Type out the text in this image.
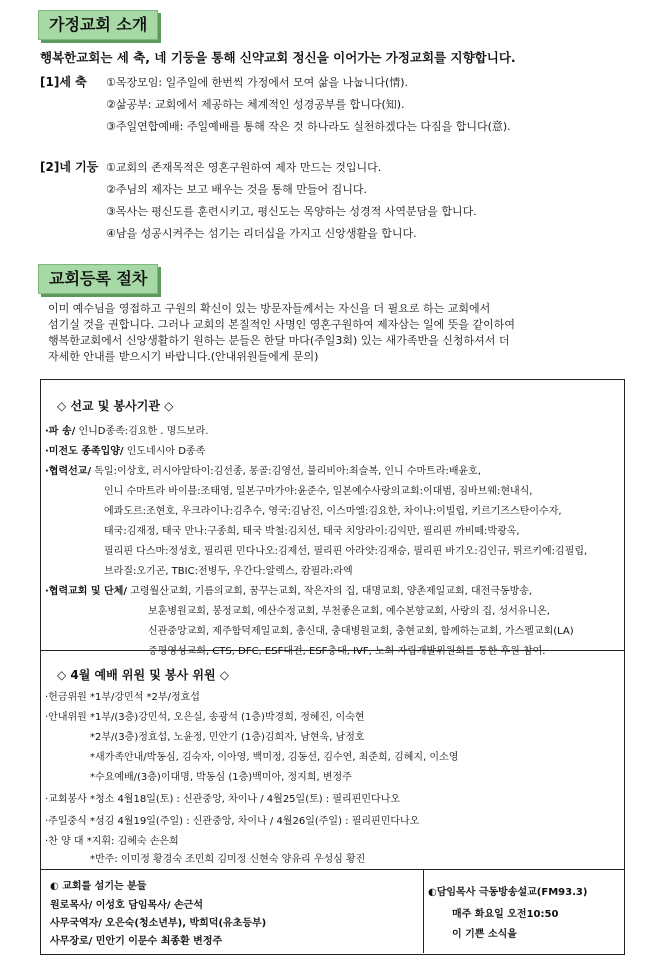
가정교회 소개
행복한교회는 세 축, 네 기둥을 통해 신약교회 정신을 이어가는 가정교회를 지향합니다.
[1]세 축 ①목장모임: 일주일에 한번씩 가정에서 모여 삶을 나눕니다(情).
②삶공부: 교회에서 제공하는 체계적인 성경공부를 합니다(知).
③주일연합예배: 주일예배를 통해 작은 것 하나라도 실천하겠다는 다짐을 합니다(意).
[2]네 기둥 ①교회의 존재목적은 영혼구원하여 제자 만드는 것입니다.
②주님의 제자는 보고 배우는 것을 통해 만들어 집니다.
③목사는 평신도를 훈련시키고, 평신도는 목양하는 성경적 사역분담을 합니다.
④남을 성공시켜주는 섬기는 리더십을 가지고 신앙생활을 합니다.
교회등록 절차
이미 예수님을 영접하고 구원의 확신이 있는 방문자들께서는 자신을 더 필요로 하는 교회에서
섬기실 것을 권합니다. 그러나 교회의 본질적인 사명인 영혼구원하여 제자삼는 일에 뜻을 같이하여
행복한교회에서 신앙생활하기 원하는 분들은 한달 마다(주일3회) 있는 새가족반을 신청하셔서 더
자세한 안내를 받으시기 바랍니다.(안내위원들에게 문의)
◇ 선교 및 봉사기관 ◇
·파 송/ 인니D종족:김요한 . 명드보라.
·미전도 종족입양/ 인도네시아 D종족
·협력선교/ 독일:이상호, 러시아알타이:김선종, 몽골:김영선, 불리비아:최슬복, 인니 수마트라:배윤호,
인니 수마트라 바이블:조태영, 일본구마가야:윤준수, 일본예수사랑의교회:이대범, 짐바브웨:현내식,
에콰도르:조현호, 우크라이나:김추수, 영국:김남진, 이스마엘:김요한, 차이나:이빌립, 키르기즈스탄이수자,
태국:김재정, 태국 만나:구종희, 태국 박철:김치선, 태국 치앙라이:김익만, 필리핀 까비떼:박광옥,
필리핀 다스마:정성호, 필리핀 민다나오:김제선, 필리핀 아라얏:김재승, 필리핀 바기오:김인규, 튀르키예:김필립,
브라질:오기곤, TBIC:전병두, 우간다:알렉스, 캄필라:라엑
·협력교회 및 단체/ 고령월산교회, 기름의교회, 꿈꾸는교회, 작은자의 집, 대명교회, 양촌제일교회, 대전극동방송,
보훈병원교회, 봉정교회, 예산수정교회, 부천좋은교회, 예수본향교회, 사랑의 집, 성서유니온,
신관중앙교회, 제주함덕제일교회, 총신대, 충대병원교회, 충현교회, 함께하는교회, 가스펠교회(LA)
증평영성교회, CTS, DFC, ESF대전, ESF충대, IVF, 노회 자립개발위원회를 통한 후원 참여.
◇ 4월 예배 위원 및 봉사 위원 ◇
·헌금위원 *1부/강민석 *2부/정효섭
·안내위원 *1부/(3층)강민석, 오은실, 송광석 (1층)박경희, 정혜진, 이숙현
*2부/(3층)정효섭, 노윤정, 민안기 (1층)김희자, 남현욱, 남정호
*새가족안내/박동심, 김숙자, 이아영, 백미정, 김동선, 김수연, 최준희, 김혜지, 이소영
*수요예배/(3층)이대명, 박동심 (1층)백미아, 정지희, 변정주
·교회봉사 *청소 4월18일(토) : 신관중앙, 차이나 / 4월25일(토) : 필리핀민다나오
·주일중식 *섬김 4월19일(주일) : 신관중앙, 차이나 / 4월26일(주일) : 필리핀민다나오
·찬 양 대 *지휘: 김혜숙 손은희
*반주: 이미정 황경숙 조민희 김미정 신현숙 양유리 우성심 황진
◐ 교회를 섬기는 분들
원로목사/ 이성호 담임목사/ 손근석
사무국역자/ 오은숙(청소년부), 박희덕(유초등부)
사무장로/ 민안기 이문수 최종환 변정주
◐담임목사 극동방송설교(FM93.3)
매주 화요일 오전10:50
이 기쁜 소식을
